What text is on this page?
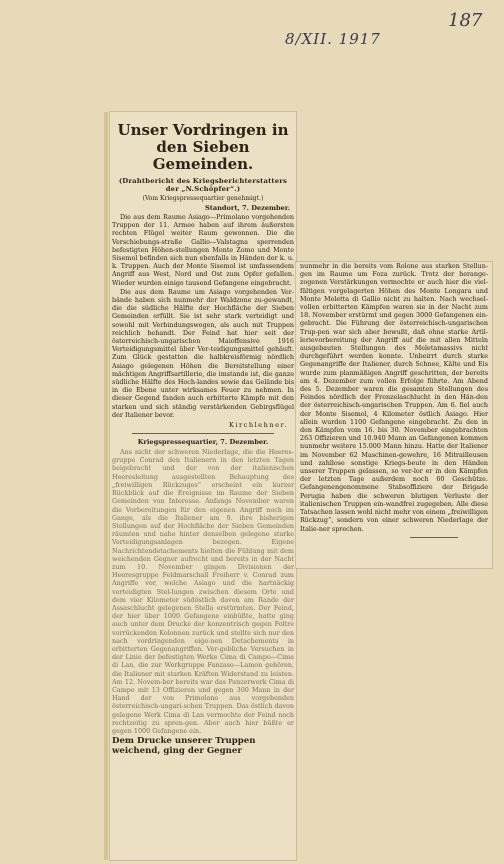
187
8/XII. 1917
Unser Vordringen in den Sieben Gemeinden.

(Drahtbericht des Kriegsberichterstatters der „N.Schöpfer“.)

(Vom Kriegspressequartier genehmigt.)

Standort, 7. Dezember.

Die aus dem Raume Asiago—Primolano vorgehenden Truppen der 11. Armee haben auf ihrem äußersten rechten Flügel weiter Raum gewonnen. Die die Verschiebungs-straße Gallio—Valstagna sperrenden befestigten Höhen-stellungen Monte Zomo und Monte Sisemol befinden sich nun ebenfalls in Händen der k. u. k. Truppen. Auch der Monte Sisemol ist umfassendem Angriff aus West, Nord und Ost zum Opfer gefallen. Wieder wurden einige tausend Gefangene eingebracht.

Die aus dem Raume um Asiago vorgehenden Ver-bände haben sich nunmehr der Waldzone zu-gewandt, die die südliche Hälfte der Hochfläche der Sieben Gemeinden erfüllt. Sie ist sehr stark verteidigt und sowohl mit Verbindungswegen, als auch mit Truppen reichlich behandt. Der Feind hat hier seit der österreichisch-ungarischen Maioffensive 1916 Verteidigungsmittel über Ver-teidigungsmittel gehäuft. Zum Glück gestatten die halbkreisförmig nördlich Asiago gelegenen Höhen die Bereitstellung einer mächtigen Angriffsartillerie, die imstande ist, die ganze südliche Hälfte des Hoch-landes sowie das Gelände bis in die Ebene unter wirksames Feuer zu nehmen. In dieser Gegend fanden auch erbitterte Kämpfe mit den starken und sich ständig verstärkenden Gebirgsflügel der Italiener bevor.

Kirchlehner.

Kriegspressequartier, 7. Dezember.

Ans nicht der schweren Niederlage, die die Heeres-gruppe Conrad den Italienern in den letzten Tagen beigebracht und der von der italienischen Heeresleitung ausgestellten Behauptung des „freiwilligen Rückzuges“ erscheint ein kurzer Rückblick auf die Ereignisse im Raume der Sieben Gemeinden von Interesse. Anfangs November waren die Vorbereitungen für den eigenen Angriff noch im Gange, als die Italiener am 9. ihre bisherigen Stellungen auf der Hochfläche der Sieben Gemeinden räumten und nahe hinter denselben gelegene starke Verteidigungsanlagen bezogen. Eigene Nachrichtendetachements hielten die Fühlung mit dem weichenden Gegner aufrecht und bereits in der Nacht zum 10. November gingen Divisionen der Heeresgruppe Feldmarschall Freiherr v. Conrad zum Angriffe vor, welche Asiago und die hartnäckig verteidigten Stel-lungen zwischen diesem Orte und dem vier Kilometer südöstlich davon am Rande der Assaschlucht gelegenen Stella erstürmten. Der Feind, der hier über 1000 Gefangene einbüßte, hatte ging auch unter dem Drucke der konzentrisch gegen Foltre vorrückenden Kolonnen zurück und stellte sich nur den nach vordringenden eige-nen Detachements in erbitterten Gegenangriffen. Ver-gebliche Versuchen in der Linie der befestigten Werke Cima di Campo—Cima di Lan, die zur Werkgruppe Fanzaso—Lamon gehören, die Italiener mit starken Kräften Widerstand zu leisten. Am 12. Novem-ber bereits war das Panzerwerk Cima di Campo mit 13 Offizieren und gegen 300 Mann in der Hand der von Primolano aus vorgehenden österreichisch-ungari-schen Truppen. Das östlich davon gelegene Werk Cima di Lan vermochte der Feind noch rechtzeitig zu spren-gen. Aber auch hier büßte er gegen 1000 Gefangene ein.

Dem Drucke unserer Truppen weichend, ging der Gegner

nunmehr in die bereits vom Rolone aus starken Stellun-gen im Raume um Foza zurück. Trotz der herange-zogenen Verstärkungen vermochte er auch hier die viel-fältigen vorgelagerten Höhen des Monte Longara und Monte Meletta di Gallio nicht zu halten. Nach wechsel-vollen erbitterten Kämpfen waren sie in der Nacht zum 18. November erstürmt und gegen 3000 Gefangenen ein-gebracht. Die Führung der österreichisch-ungarischen Trup-pen war sich aber bewußt, daß ohne starke Artil-lerievorbereitung der Angriff auf die mit allen Mitteln ausgebauten Stellungen des Meletamassivs nicht durchgeführt werden konnte. Unbeirrt durch starke Gegenangriffe der Italiener, durch Schnee, Kälte und Eis wurde zum planmäßigen Angriff geschritten, der bereits am 4. Dezember zum vollen Erfolge führte. Am Abend des 5. Dezember waren die gesamten Stellungen des Feindes nördlich der Frenzelaschlucht in den Hän-den der österreichisch-ungarischen Truppen. Am 6. fiel auch der Monte Sisemol, 4 Kilometer östlich Asiago. Hier allein wurden 1100 Gefangene eingebracht. Zu den in den Kämpfen vom 16. bis 30. November eingebrachten 263 Offizieren und 10.940 Mann an Gefangenen kommen nunmehr weitere 15.000 Mann hinzu. Hatte der Italiener im November 62 Maschinen-gewehre, 16 Mitrailleusen und zahllose sonstige Kriegs-beute in den Händen unserer Truppen gelassen, so ver-lor er in den Kämpfen der letzten Tage außerdem noch 60 Geschütze. Gefangenengenommene Stabsoffiziere der Brigade Perugia haben die schweren blutigen Verluste der italienischen Truppen ein-wandfrei zugegeben. Alle diese Tatsachen lassen wohl nicht mehr von einem „freiwilligen Rückzug“, sondern von einer schweren Niederlage der Italie-ner sprechen.
